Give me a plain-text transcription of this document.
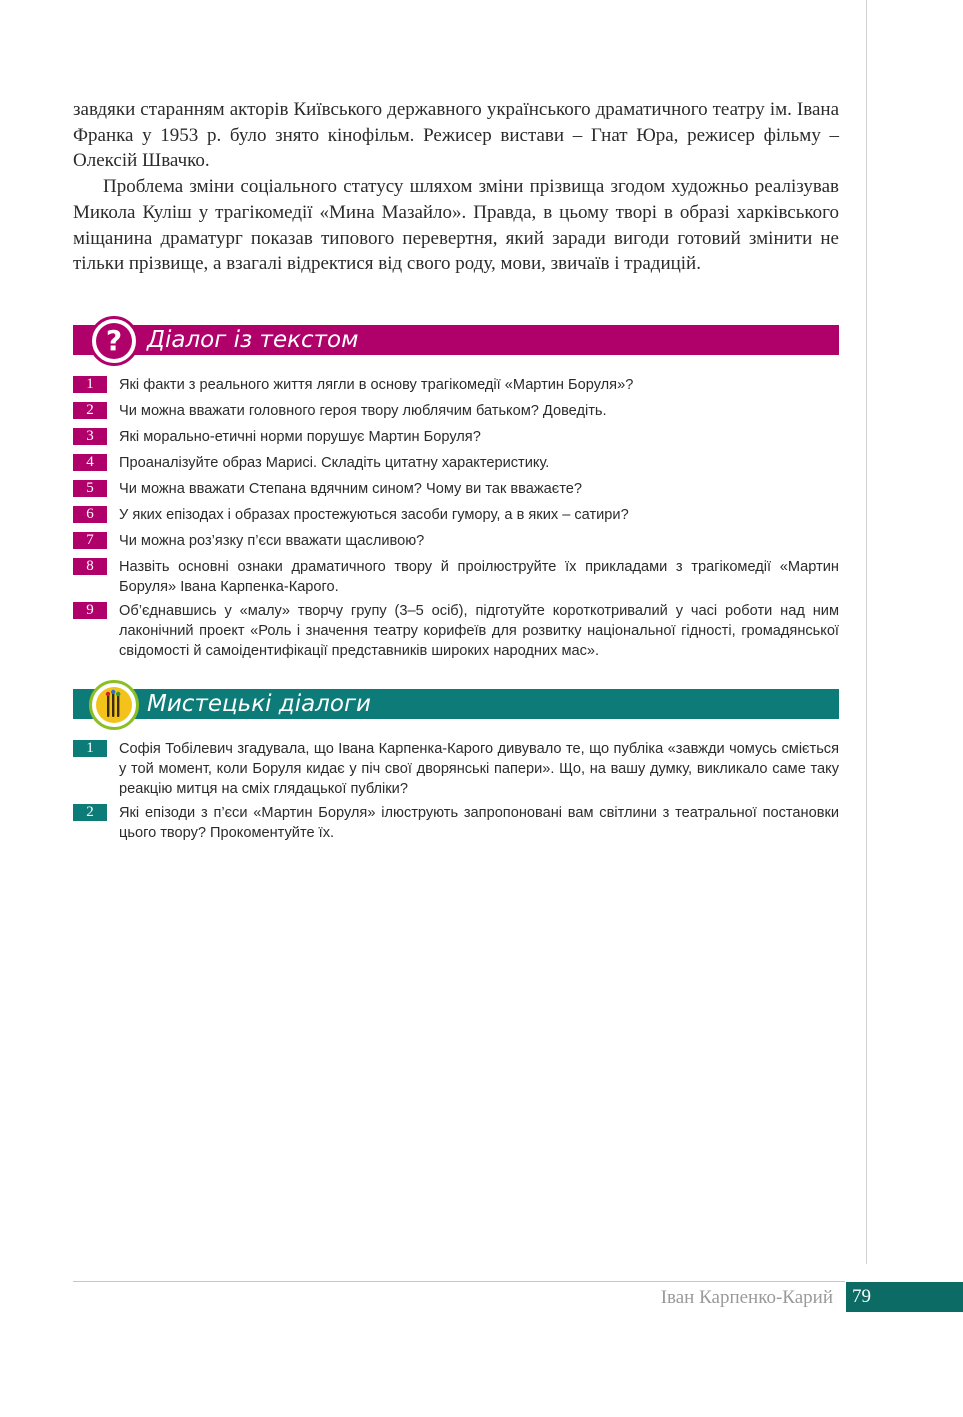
завдяки старанням акторів Київського державного українського драматичного театру ім. Івана Франка у 1953 р. було знято кінофільм. Режисер вистави – Гнат Юра, режисер фільму – Олексій Швачко.

Проблема зміни соціального статусу шляхом зміни прізвища згодом художньо реалізував Микола Куліш у трагікомедії «Мина Мазайло». Правда, в цьому творі в образі харківського міщанина драматург показав типового перевертня, який заради вигоди готовий змінити не тільки прізвище, а взагалі відректися від свого роду, мови, звичаїв і традицій.

Діалог із текстом
?
1	Які факти з реального життя лягли в основу трагікомедії «Мартин Боруля»?
2	Чи можна вважати головного героя твору люблячим батьком? Доведіть.
3	Які морально-етичні норми порушує Мартин Боруля?
4	Проаналізуйте образ Марисі. Складіть цитатну характеристику.
5	Чи можна вважати Степана вдячним сином? Чому ви так вважаєте?
6	У яких епізодах і образах простежуються засоби гумору, а в яких – сатири?
7	Чи можна роз’язку п’єси вважати щасливою?
8	Назвіть основні ознаки драматичного твору й проілюструйте їх прикладами з трагікомедії «Мартин Боруля» Івана Карпенка-Карого.
9	Об’єднавшись у «малу» творчу групу (3–5 осіб), підготуйте короткотривалий у часі роботи над ним лаконічний проект «Роль і значення театру корифеїв для розвитку національної гідності, громадянської свідомості й самоідентифікації представників широких народних мас».
Мистецькі діалоги
1	Софія Тобілевич згадувала, що Івана Карпенка-Карого дивувало те, що публіка «завжди чомусь сміється у той момент, коли Боруля кидає у піч свої дворянські папери». Що, на вашу думку, викликало саме таку реакцію митця на сміх глядацької публіки?
2	Які епізоди з п’єси «Мартин Боруля» ілюструють запропоновані вам світлини з театральної постановки цього твору? Прокоментуйте їх.
Іван Карпенко-Карий	79
